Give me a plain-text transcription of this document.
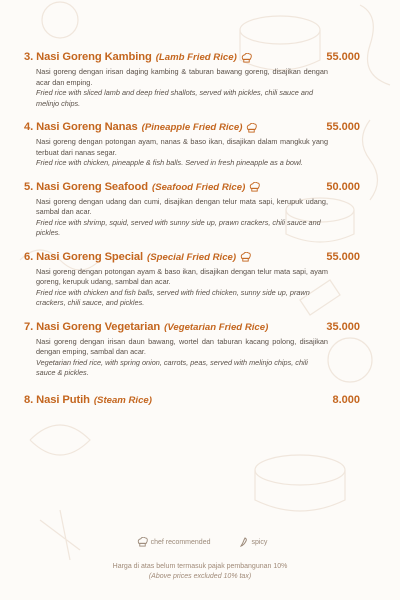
3. Nasi Goreng Kambing (Lamb Fried Rice)	55.000
Nasi goreng dengan irisan daging kambing & taburan bawang goreng, disajikan dengan acar dan emping.
Fried rice with sliced lamb and deep fried shallots, served with pickles, chili sauce and melinjo chips.
4. Nasi Goreng Nanas (Pineapple Fried Rice)	55.000
Nasi goreng dengan potongan ayam, nanas & baso ikan, disajikan dalam mangkuk yang terbuat dari nanas segar.
Fried rice with chicken, pineapple & fish balls. Served in fresh pineapple as a bowl.
5. Nasi Goreng Seafood (Seafood Fried Rice)	50.000
Nasi goreng dengan udang dan cumi, disajikan dengan telur mata sapi, kerupuk udang, sambal dan acar.
Fried rice with shrimp, squid, served with sunny side up, prawn crackers, chili sauce and pickles.
6. Nasi Goreng Special (Special Fried Rice)	55.000
Nasi goreng dengan potongan ayam & baso ikan, disajikan dengan telur mata sapi, ayam goreng, kerupuk udang, sambal dan acar.
Fried rice with chicken and fish balls, served with fried chicken, sunny side up, prawn crackers, chili sauce, and pickles.
7. Nasi Goreng Vegetarian (Vegetarian Fried Rice)	35.000
Nasi goreng dengan irisan daun bawang, wortel dan taburan kacang polong, disajikan dengan emping, sambal dan acar.
Vegetarian fried rice, with spring onion, carrots, peas, served with melinjo chips, chili sauce & pickles.
8. Nasi Putih (Steam Rice)	8.000
chef recommended	spicy
Harga di atas belum termasuk pajak pembangunan 10%
(Above prices excluded 10% tax)
